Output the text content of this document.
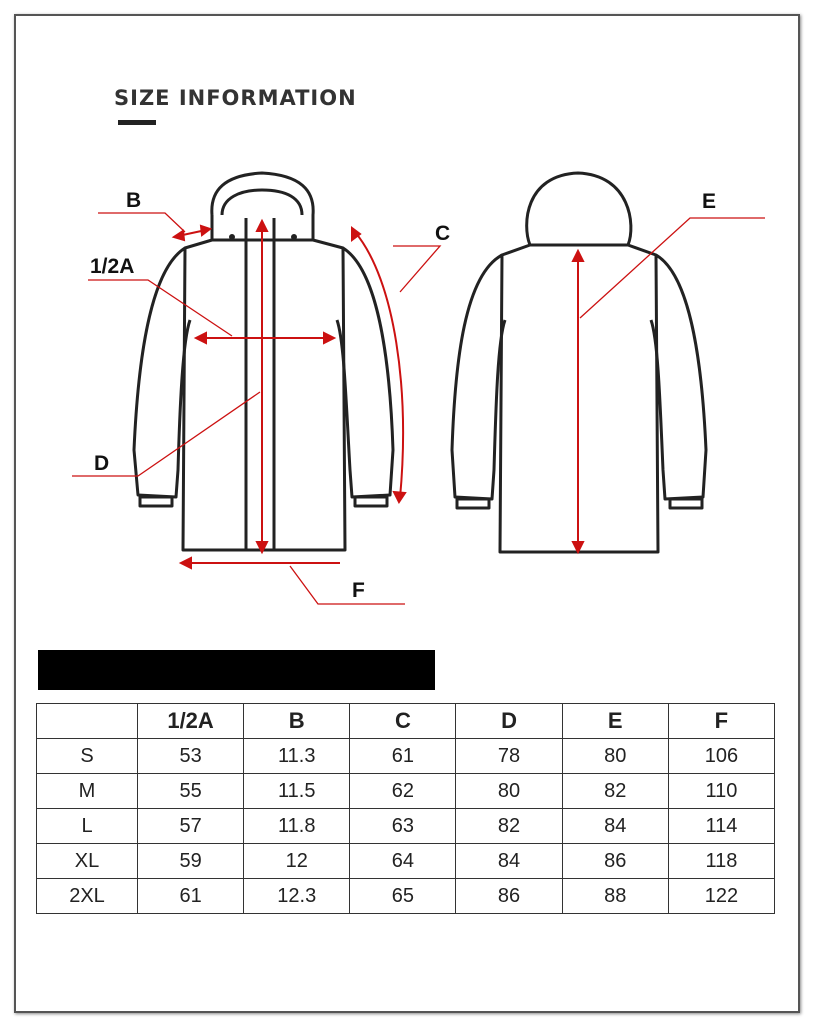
SIZE INFORMATION
B
1/2A
C
D
E
F
	1/2A	B	C	D	E	F
S	53	11.3	61	78	80	106
M	55	11.5	62	80	82	110
L	57	11.8	63	82	84	114
XL	59	12	64	84	86	118
2XL	61	12.3	65	86	88	122
